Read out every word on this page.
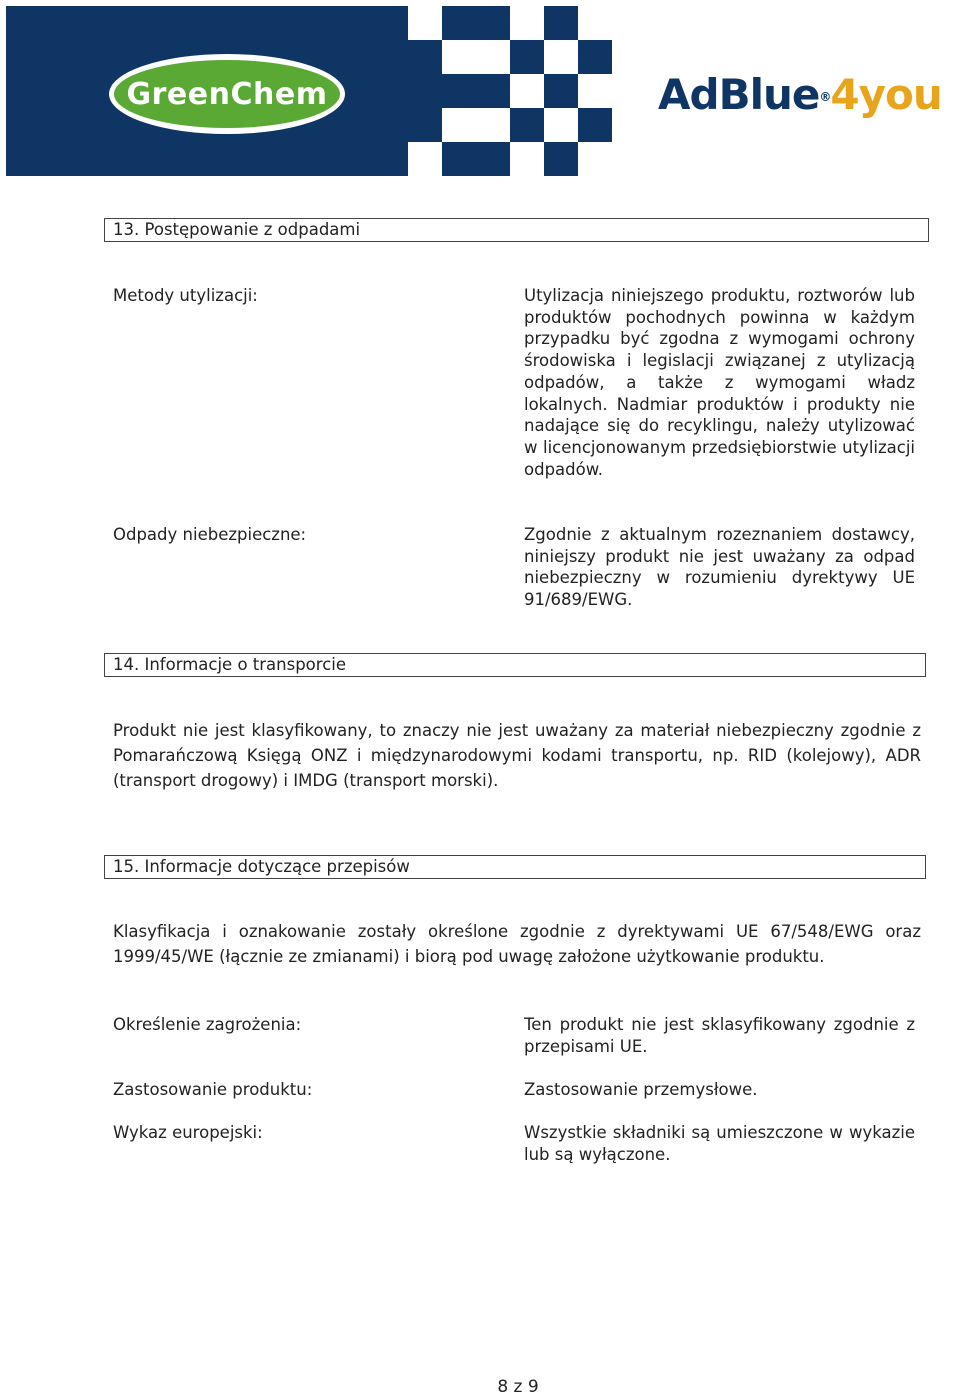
GreenChem	AdBlue®4you
13. Postępowanie z odpadami
Metody utylizacji:	Utylizacja niniejszego produktu, roztworów lub produktów pochodnych powinna w każdym przypadku być zgodna z wymogami ochrony środowiska i legislacji związanej z utylizacją odpadów, a także z wymogami władz lokalnych. Nadmiar produktów i produkty nie nadające się do recyklingu, należy utylizować w licencjonowanym przedsiębiorstwie utylizacji odpadów.
Odpady niebezpieczne:	Zgodnie z aktualnym rozeznaniem dostawcy, niniejszy produkt nie jest uważany za odpad niebezpieczny w rozumieniu dyrektywy UE 91/689/EWG.
14. Informacje o transporcie
Produkt nie jest klasyfikowany, to znaczy nie jest uważany za materiał niebezpieczny zgodnie z Pomarańczową Księgą ONZ i międzynarodowymi kodami transportu, np. RID (kolejowy), ADR (transport drogowy) i IMDG (transport morski).
15. Informacje dotyczące przepisów
Klasyfikacja i oznakowanie zostały określone zgodnie z dyrektywami UE 67/548/EWG oraz 1999/45/WE (łącznie ze zmianami) i biorą pod uwagę założone użytkowanie produktu.
Określenie zagrożenia:	Ten produkt nie jest sklasyfikowany zgodnie z przepisami UE.
Zastosowanie produktu:	Zastosowanie przemysłowe.
Wykaz europejski:	Wszystkie składniki są umieszczone w wykazie lub są wyłączone.
8 z 9
